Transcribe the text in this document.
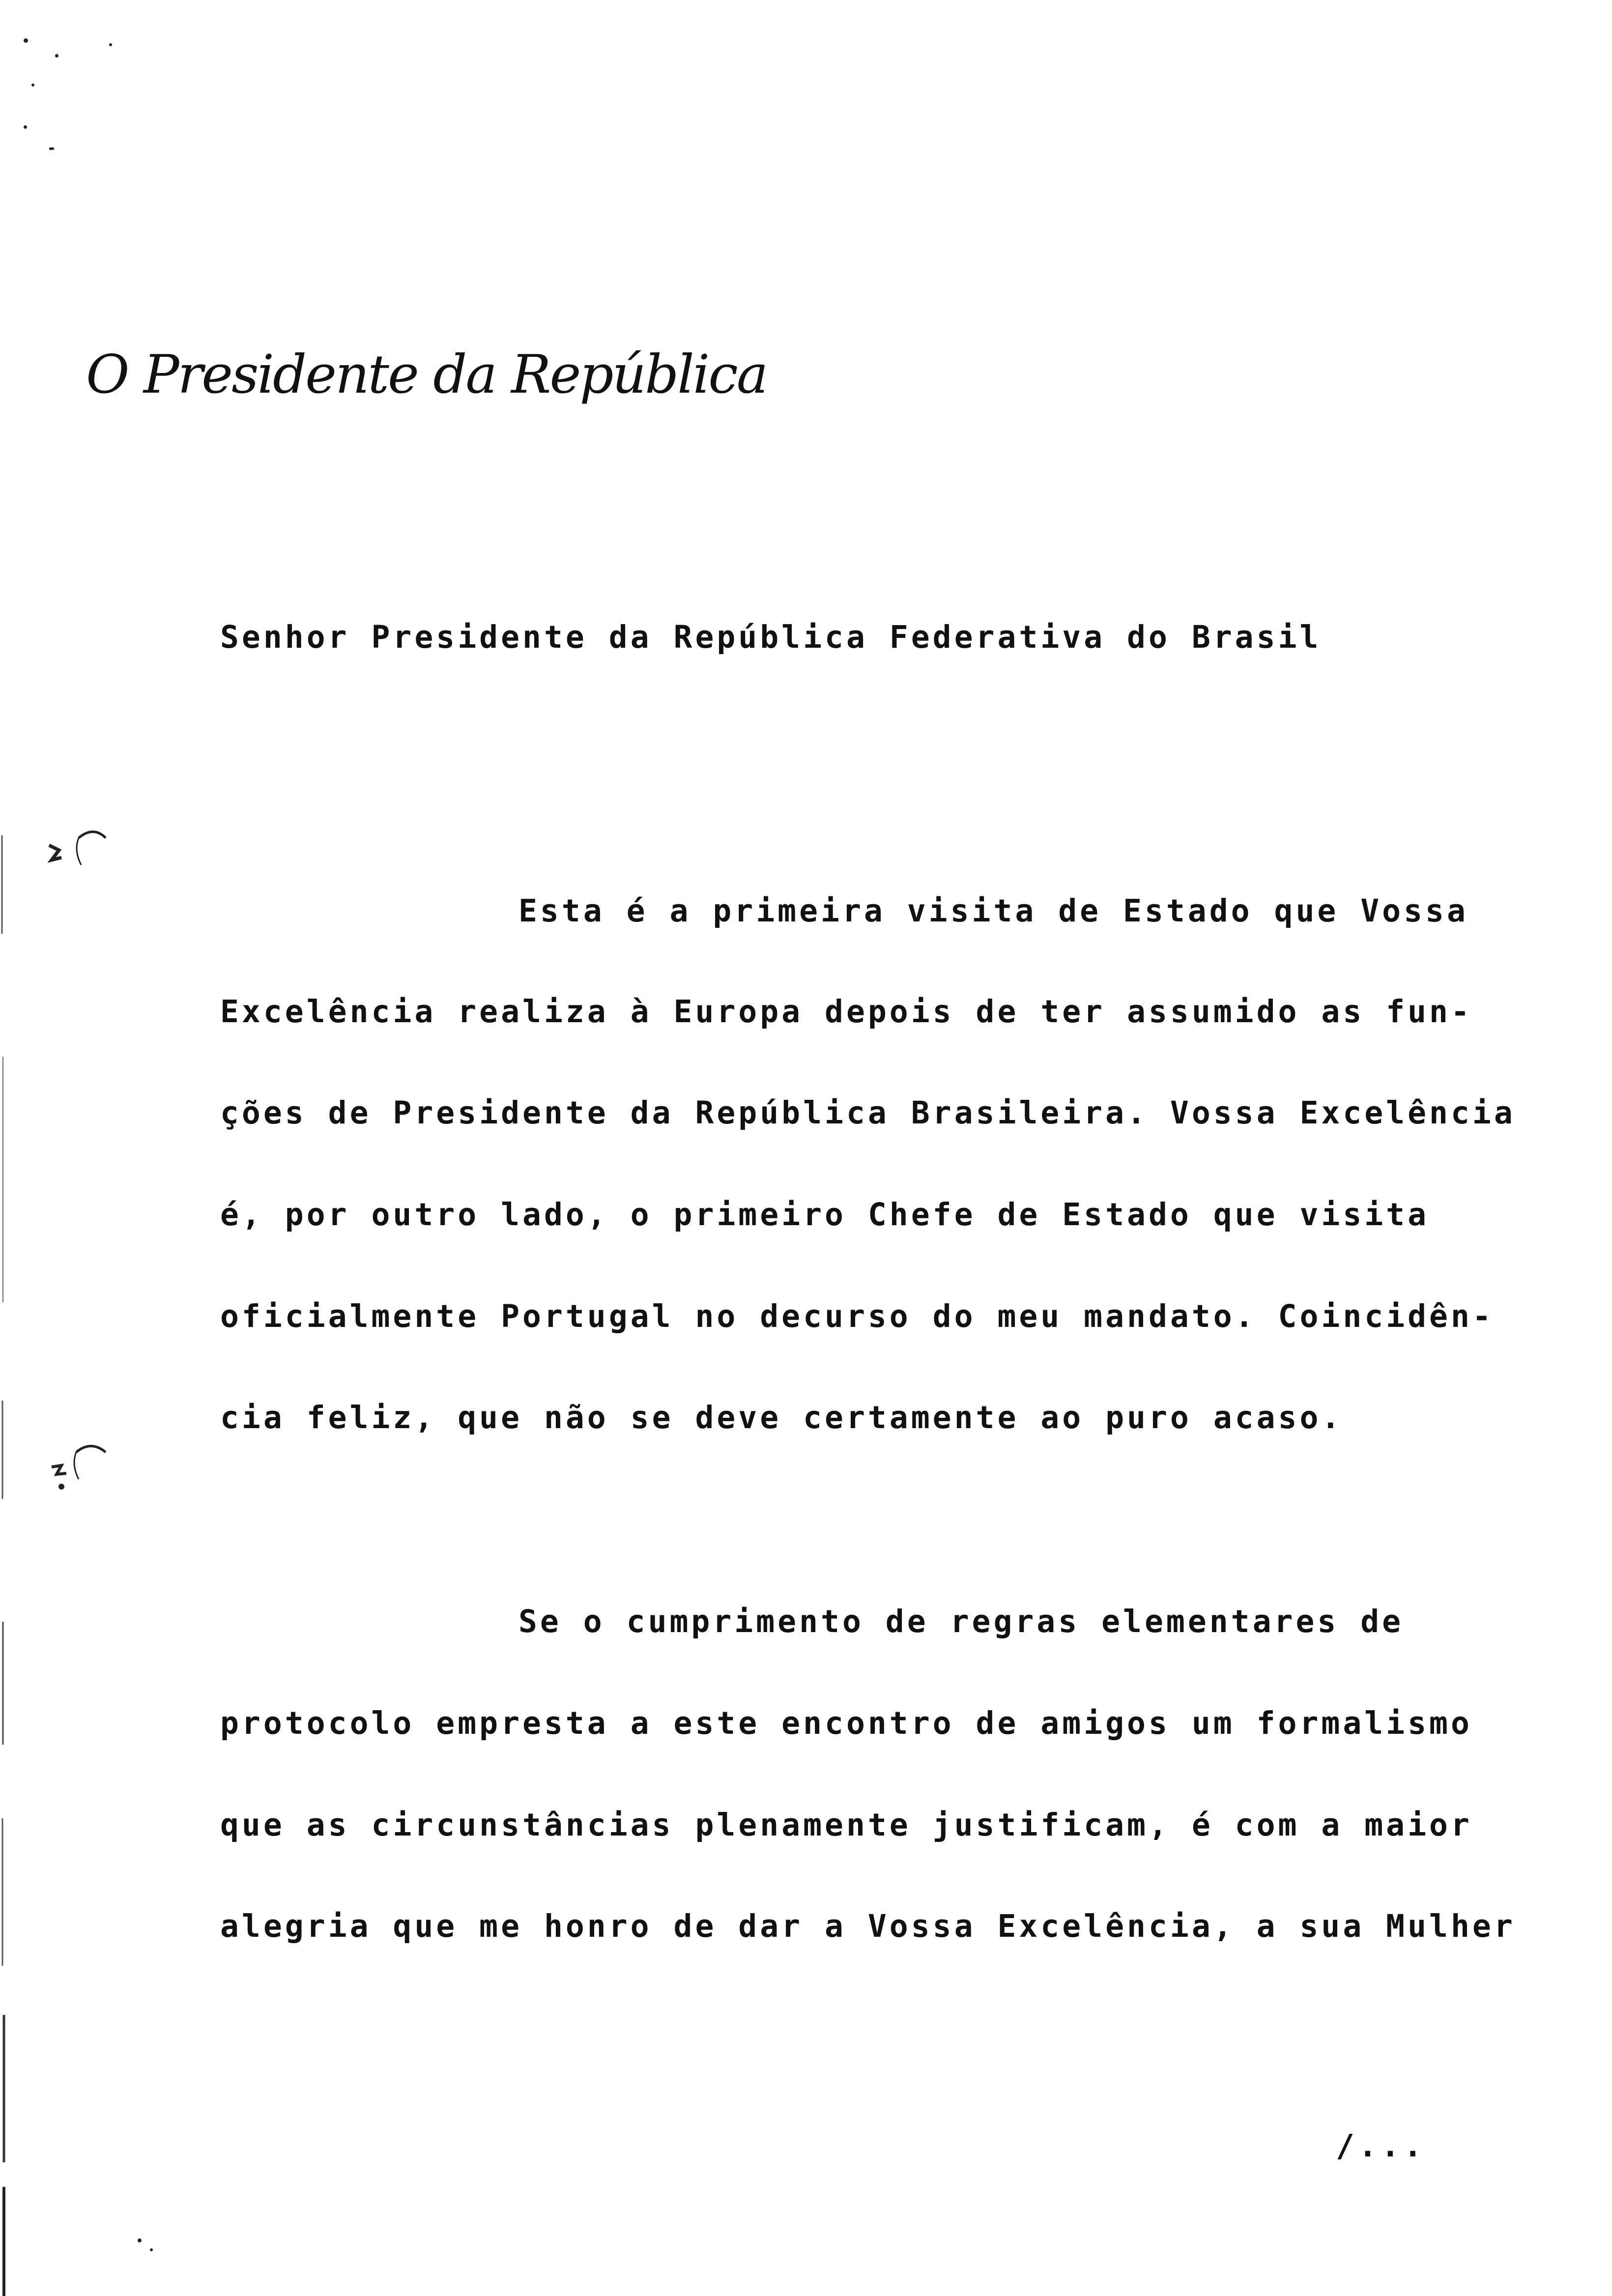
O Presidente da República
Senhor Presidente da República Federativa do Brasil
Esta é a primeira visita de Estado que Vossa
Excelência realiza à Europa depois de ter assumido as fun-
ções de Presidente da República Brasileira. Vossa Excelência
é, por outro lado, o primeiro Chefe de Estado que visita
oficialmente Portugal no decurso do meu mandato. Coincidên-
cia feliz, que não se deve certamente ao puro acaso.
Se o cumprimento de regras elementares de
protocolo empresta a este encontro de amigos um formalismo
que as circunstâncias plenamente justificam, é com a maior
alegria que me honro de dar a Vossa Excelência, a sua Mulher
/...
